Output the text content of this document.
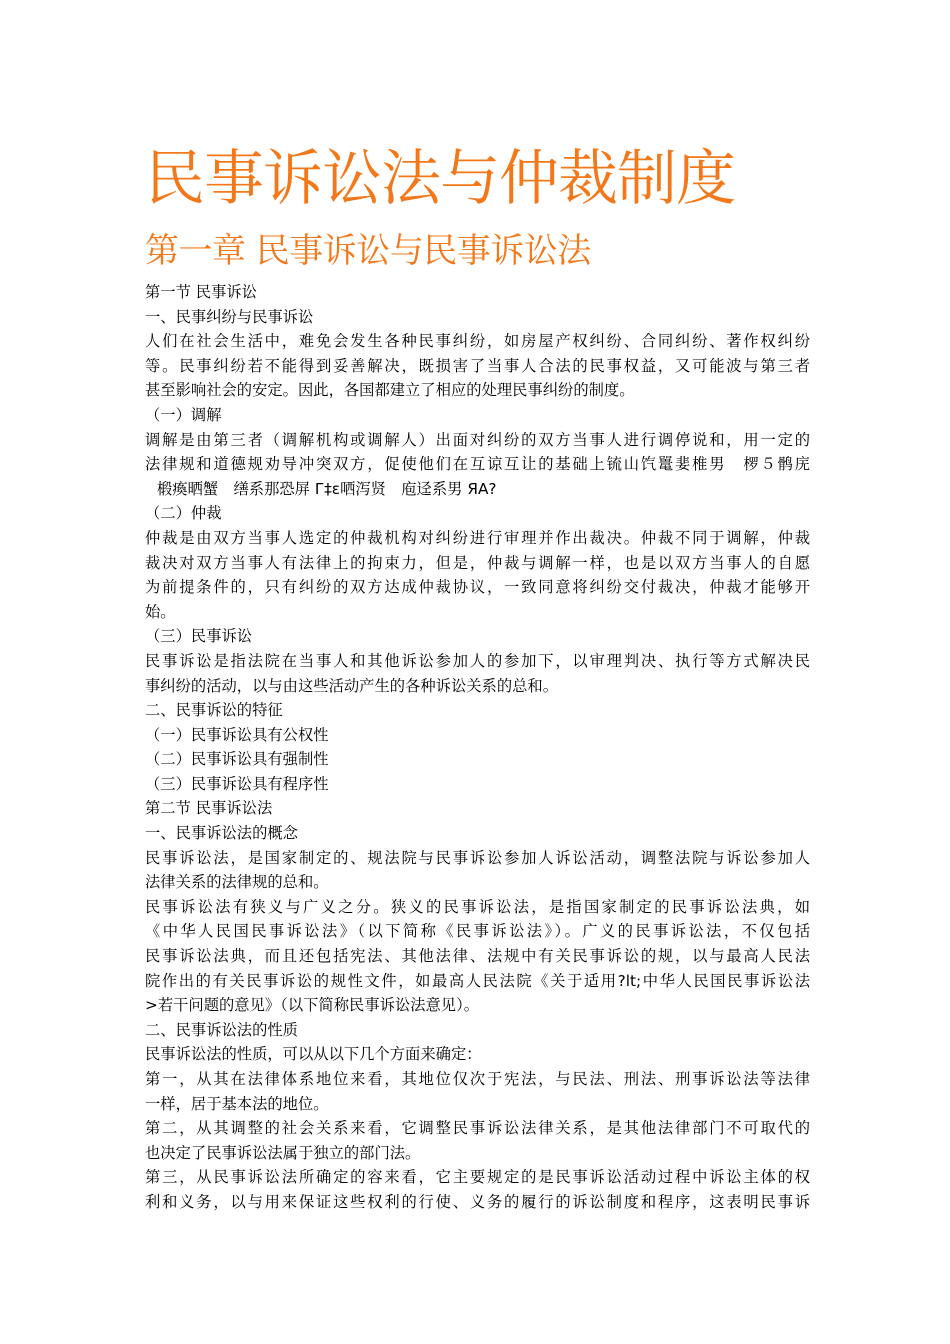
民事诉讼法与仲裁制度
第一章 民事诉讼与民事诉讼法

第一节 民事诉讼

一、民事纠纷与民事诉讼

人们在社会生活中，难免会发生各种民事纠纷，如房屋产权纠纷、合同纠纷、著作权纠纷

等。民事纠纷若不能得到妥善解决，既损害了当事人合法的民事权益，又可能波与第三者

甚至影响社会的安定。因此，各国都建立了相应的处理民事纠纷的制度。

（一）调解

调解是由第三者（调解机构或调解人）出面对纠纷的双方当事人进行调停说和，用一定的

法律规和道德规劝导冲突双方，促使他们在互谅互让的基础上锍山饩鼍婓椎男　椤５鹘庑

椴瘓晒蟹　缮系那恐屏 Г‡ε哂泻贤　庖迳系男 ЯA?

（二）仲裁

仲裁是由双方当事人选定的仲裁机构对纠纷进行审理并作出裁决。仲裁不同于调解，仲裁

裁决对双方当事人有法律上的拘束力，但是，仲裁与调解一样，也是以双方当事人的自愿

为前提条件的，只有纠纷的双方达成仲裁协议，一致同意将纠纷交付裁决，仲裁才能够开

始。

（三）民事诉讼

民事诉讼是指法院在当事人和其他诉讼参加人的参加下，以审理判决、执行等方式解决民

事纠纷的活动，以与由这些活动产生的各种诉讼关系的总和。

二、民事诉讼的特征

（一）民事诉讼具有公权性

（二）民事诉讼具有强制性

（三）民事诉讼具有程序性

第二节 民事诉讼法

一、民事诉讼法的概念

民事诉讼法，是国家制定的、规法院与民事诉讼参加人诉讼活动，调整法院与诉讼参加人

法律关系的法律规的总和。

民事诉讼法有狭义与广义之分。狭义的民事诉讼法，是指国家制定的民事诉讼法典，如

《中华人民国民事诉讼法》（以下简称《民事诉讼法》）。广义的民事诉讼法，不仅包括

民事诉讼法典，而且还包括宪法、其他法律、法规中有关民事诉讼的规，以与最高人民法

院作出的有关民事诉讼的规性文件，如最高人民法院《关于适用?lt;中华人民国民事诉讼法

>若干问题的意见》（以下简称民事诉讼法意见）。

二、民事诉讼法的性质

民事诉讼法的性质，可以从以下几个方面来确定：

第一，从其在法律体系地位来看，其地位仅次于宪法，与民法、刑法、刑事诉讼法等法律

一样，居于基本法的地位。

第二，从其调整的社会关系来看，它调整民事诉讼法律关系，是其他法律部门不可取代的

也决定了民事诉讼法属于独立的部门法。

第三，从民事诉讼法所确定的容来看，它主要规定的是民事诉讼活动过程中诉讼主体的权

利和义务，以与用来保证这些权利的行使、义务的履行的诉讼制度和程序，这表明民事诉
